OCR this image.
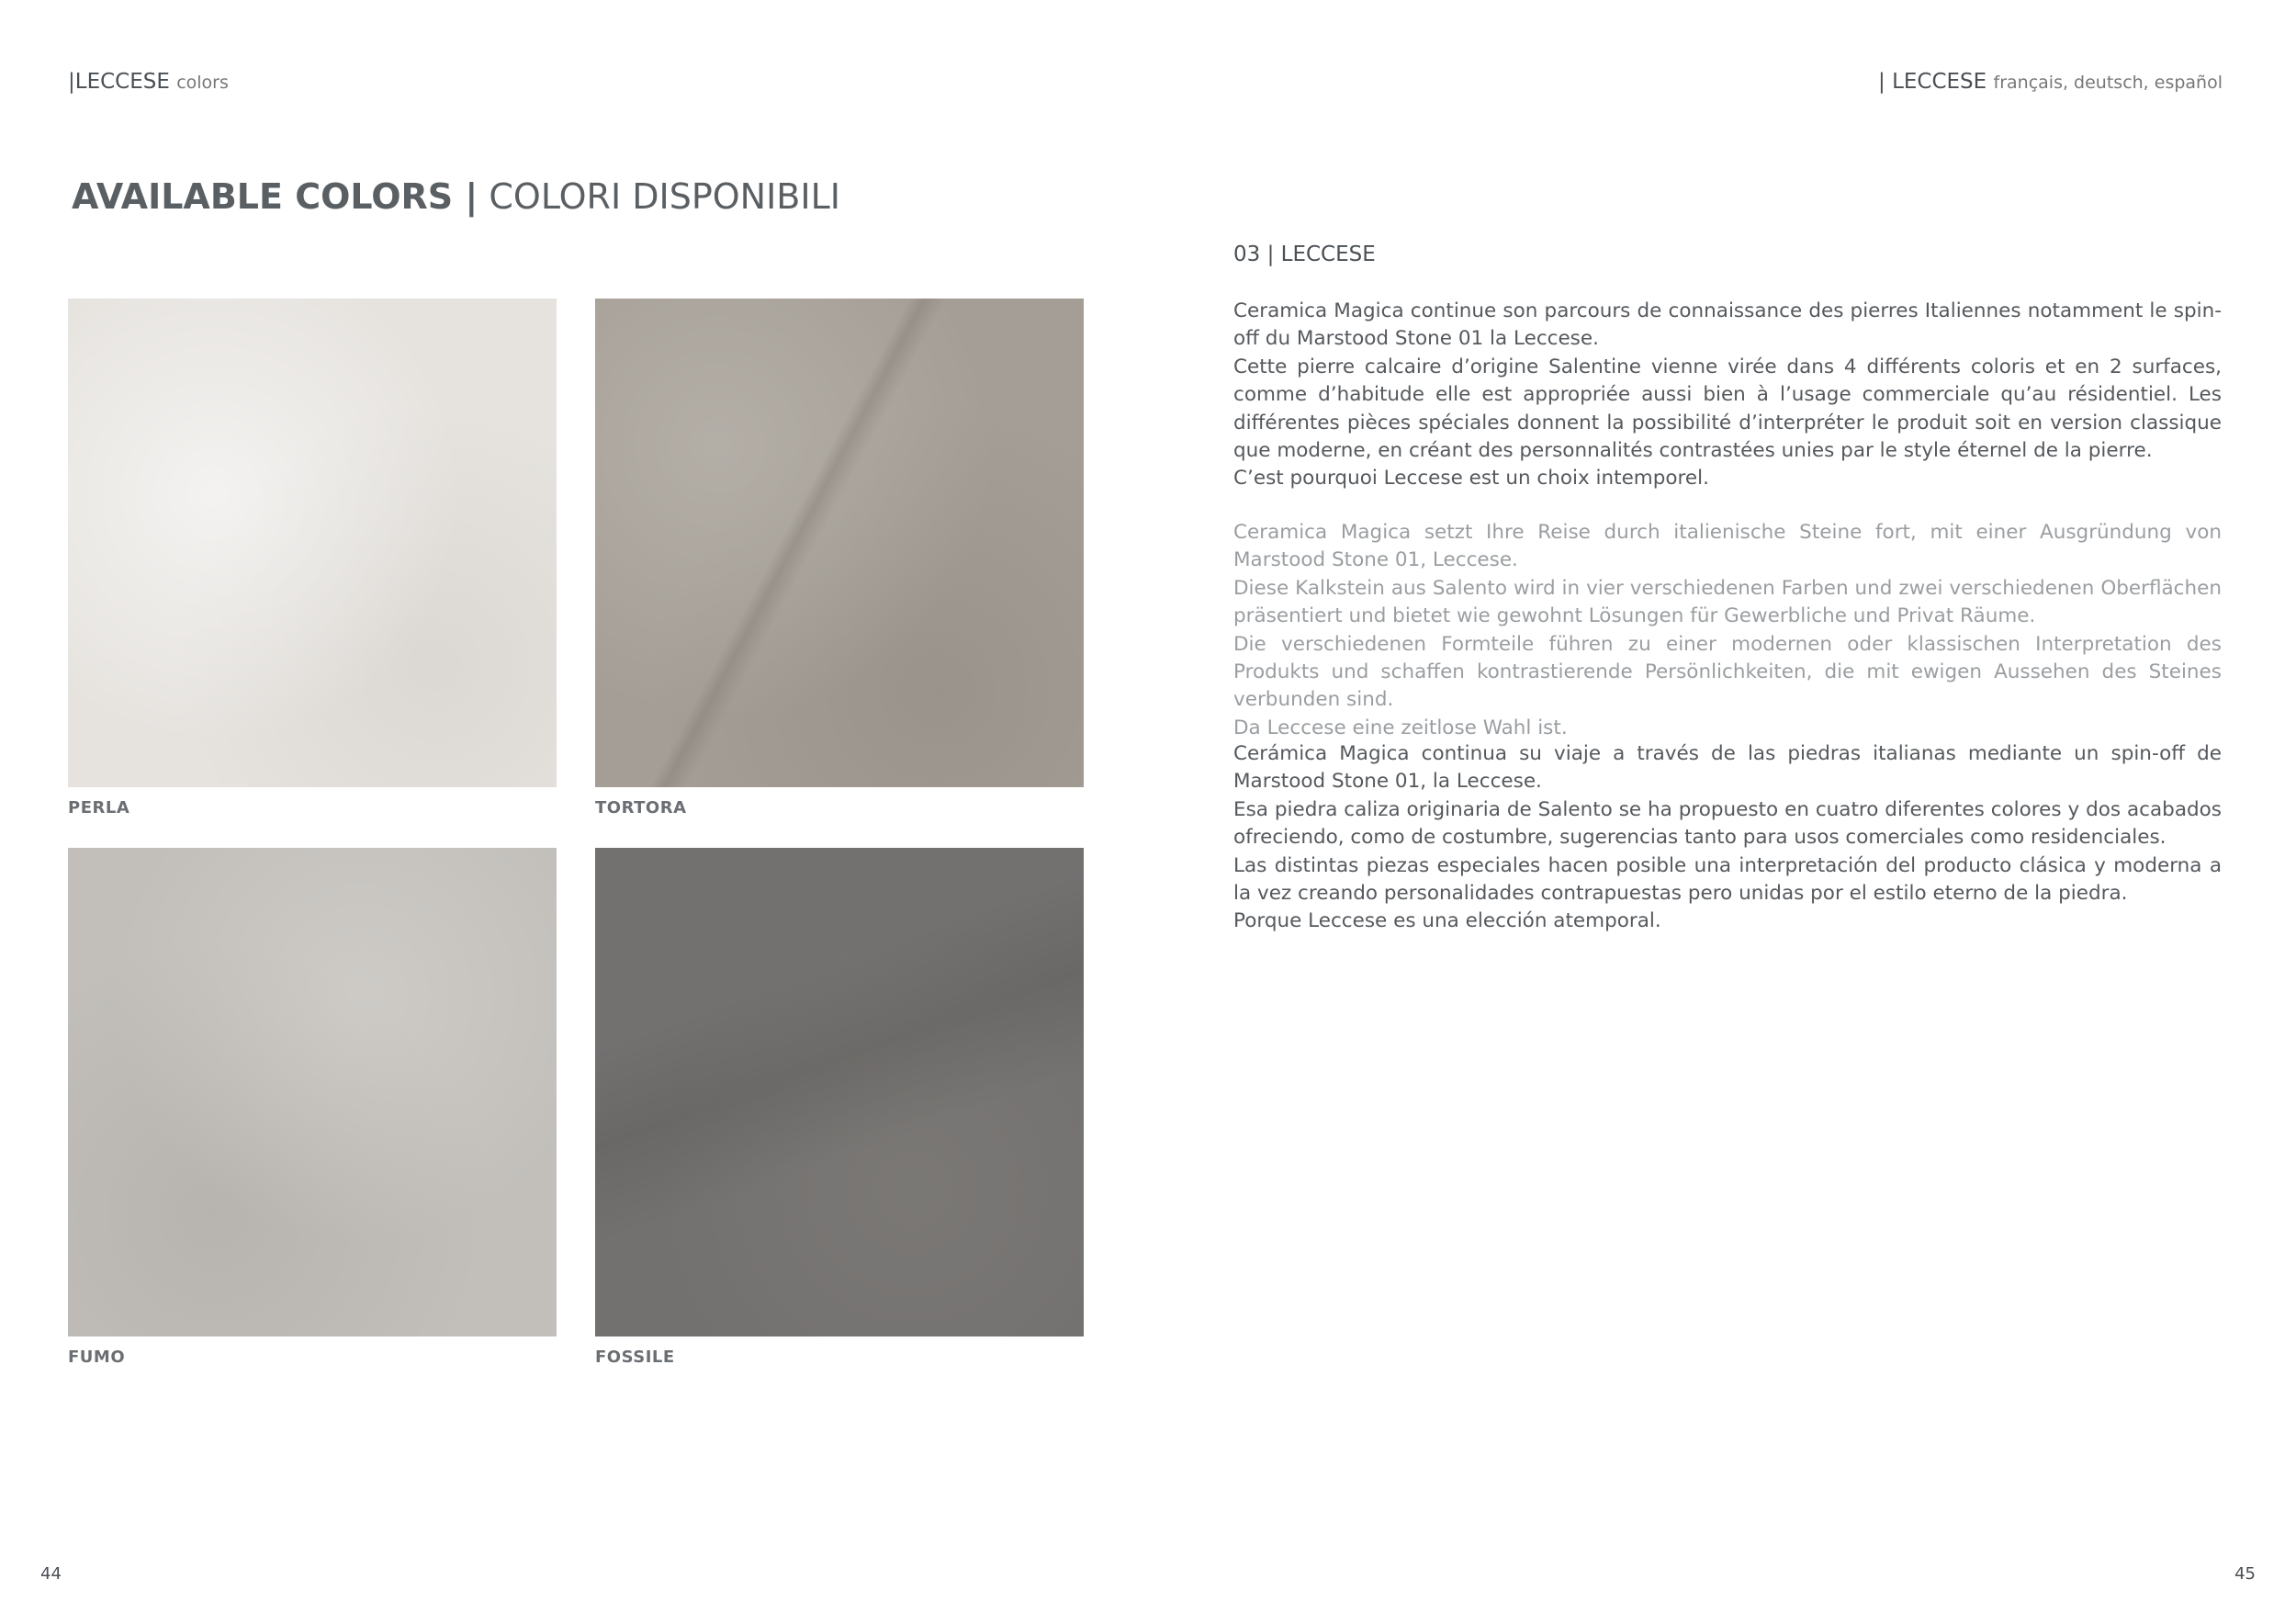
|LECCESE colors	| LECCESE français, deutsch, español
AVAILABLE COLORS | COLORI DISPONIBILI
PERLA	TORTORA
FUMO	FOSSILE
03 | LECCESE

Ceramica Magica continue son parcours de connaissance des pierres Italiennes notamment le spin-off du Marstood Stone 01 la Leccese.

Cette pierre calcaire d’origine Salentine vienne virée dans 4 différents coloris et en 2 surfaces, comme d’habitude elle est appropriée aussi bien à l’usage commerciale qu’au résidentiel. Les différentes pièces spéciales donnent la possibilité d’interpréter le produit soit en version classique que moderne, en créant des personnalités contrastées unies par le style éternel de la pierre.

C’est pourquoi Leccese est un choix intemporel.

Ceramica Magica setzt Ihre Reise durch italienische Steine fort, mit einer Ausgründung von Marstood Stone 01, Leccese.

Diese Kalkstein aus Salento wird in vier verschiedenen Farben und zwei verschiedenen Oberflächen präsentiert und bietet wie gewohnt Lösungen für Gewerbliche und Privat Räume.

Die verschiedenen Formteile führen zu einer modernen oder klassischen Interpretation des Produkts und schaffen kontrastierende Persönlichkeiten, die mit ewigen Aussehen des Steines verbunden sind.

Da Leccese eine zeitlose Wahl ist.

Cerámica Magica continua su viaje a través de las piedras italianas mediante un spin-off de Marstood Stone 01, la Leccese.

Esa piedra caliza originaria de Salento se ha propuesto en cuatro diferentes colores y dos acabados ofreciendo, como de costumbre, sugerencias tanto para usos comerciales como residenciales.

Las distintas piezas especiales hacen posible una interpretación del producto clásica y moderna a la vez creando personalidades contrapuestas pero unidas por el estilo eterno de la piedra.

Porque Leccese es una elección atemporal.

44	45
